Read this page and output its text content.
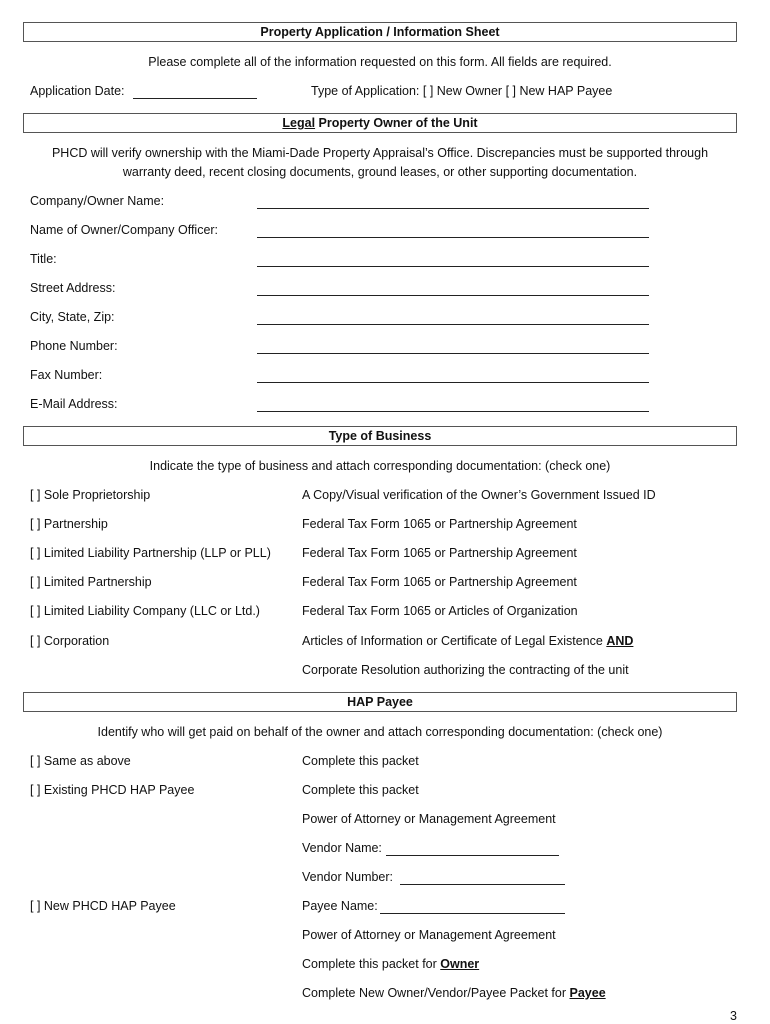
Property Application / Information Sheet
Please complete all of the information requested on this form. All fields are required.
Application Date:	Type of Application: [ ] New Owner [ ] New HAP Payee
Legal Property Owner of the Unit
PHCD will verify ownership with the Miami-Dade Property Appraisal’s Office. Discrepancies must be supported through
warranty deed, recent closing documents, ground leases, or other supporting documentation.
Company/Owner Name:
Name of Owner/Company Officer:
Title:
Street Address:
City, State, Zip:
Phone Number:
Fax Number:
E-Mail Address:
Type of Business
Indicate the type of business and attach corresponding documentation: (check one)
[ ] Sole Proprietorship	A Copy/Visual verification of the Owner’s Government Issued ID
[ ] Partnership	Federal Tax Form 1065 or Partnership Agreement
[ ] Limited Liability Partnership (LLP or PLL) Federal Tax Form 1065 or Partnership Agreement
[ ] Limited Partnership	Federal Tax Form 1065 or Partnership Agreement
[ ] Limited Liability Company (LLC or Ltd.)	Federal Tax Form 1065 or Articles of Organization
[ ] Corporation	Articles of Information or Certificate of Legal Existence AND
Corporate Resolution authorizing the contracting of the unit
HAP Payee
Identify who will get paid on behalf of the owner and attach corresponding documentation: (check one)
[ ] Same as above	Complete this packet
[ ] Existing PHCD HAP Payee	Complete this packet
Power of Attorney or Management Agreement
Vendor Name:
Vendor Number:
[ ] New PHCD HAP Payee	Payee Name:
Power of Attorney or Management Agreement
Complete this packet for Owner
Complete New Owner/Vendor/Payee Packet for Payee
3
